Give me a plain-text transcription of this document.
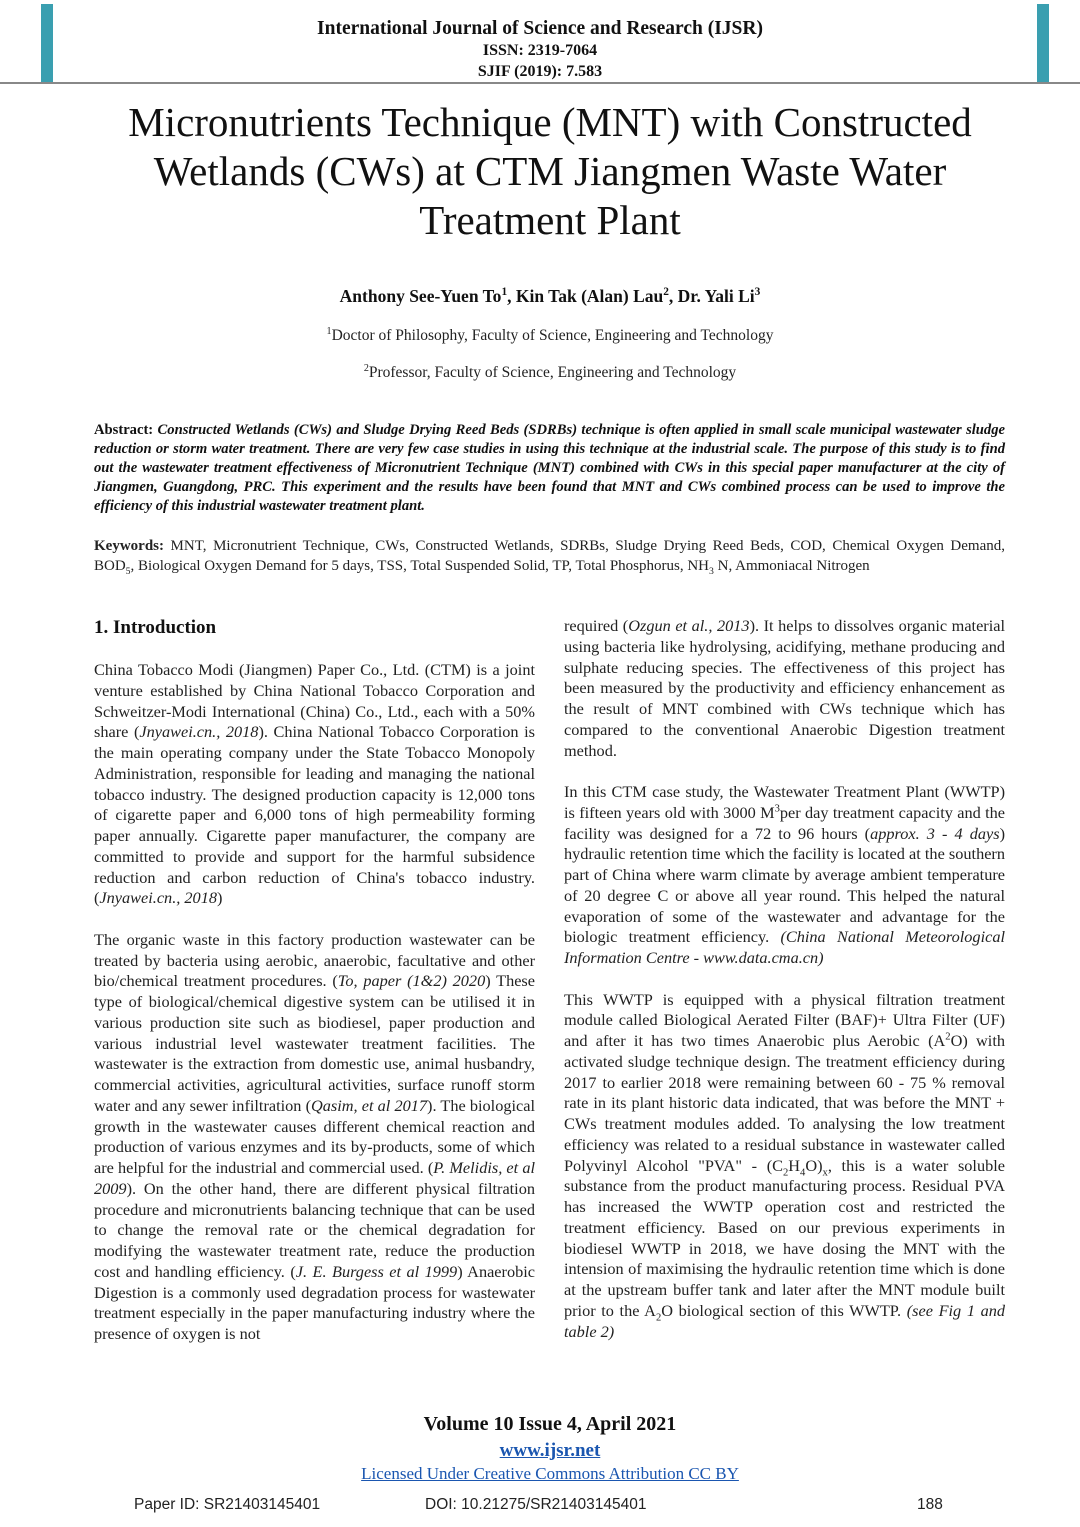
International Journal of Science and Research (IJSR)
ISSN: 2319-7064
SJIF (2019): 7.583
Micronutrients Technique (MNT) with Constructed
Wetlands (CWs) at CTM Jiangmen Waste Water
Treatment Plant
Anthony See-Yuen To$^1$, Kin Tak (Alan) Lau$^2$, Dr. Yali Li$^3$
$^1$Doctor of Philosophy, Faculty of Science, Engineering and Technology
$^2$Professor, Faculty of Science, Engineering and Technology
Abstract: Constructed Wetlands (CWs) and Sludge Drying Reed Beds (SDRBs) technique is often applied in small scale municipal wastewater sludge reduction or storm water treatment. There are very few case studies in using this technique at the industrial scale. The purpose of this study is to find out the wastewater treatment effectiveness of Micronutrient Technique (MNT) combined with CWs in this special paper manufacturer at the city of Jiangmen, Guangdong, PRC. This experiment and the results have been found that MNT and CWs combined process can be used to improve the efficiency of this industrial wastewater treatment plant.
Keywords: MNT, Micronutrient Technique, CWs, Constructed Wetlands, SDRBs, Sludge Drying Reed Beds, COD, Chemical Oxygen Demand, $BOD_5$, Biological Oxygen Demand for 5 days, TSS, Total Suspended Solid, TP, Total Phosphorus, $NH_3$ N, Ammoniacal Nitrogen
1. Introduction

China Tobacco Modi (Jiangmen) Paper Co., Ltd. (CTM) is a joint venture established by China National Tobacco Corporation and Schweitzer-Modi International (China) Co., Ltd., each with a 50% share (Jnyawei.cn., 2018). China National Tobacco Corporation is the main operating company under the State Tobacco Monopoly Administration, responsible for leading and managing the national tobacco industry. The designed production capacity is 12,000 tons of cigarette paper and 6,000 tons of high permeability forming paper annually. Cigarette paper manufacturer, the company are committed to provide and support for the harmful subsidence reduction and carbon reduction of China's tobacco industry. (Jnyawei.cn., 2018)

The organic waste in this factory production wastewater can be treated by bacteria using aerobic, anaerobic, facultative and other bio/chemical treatment procedures. (To, paper (1&2) 2020) These type of biological/chemical digestive system can be utilised it in various production site such as biodiesel, paper production and various industrial level wastewater treatment facilities. The wastewater is the extraction from domestic use, animal husbandry, commercial activities, agricultural activities, surface runoff storm water and any sewer infiltration (Qasim, et al 2017). The biological growth in the wastewater causes different chemical reaction and production of various enzymes and its by-products, some of which are helpful for the industrial and commercial used. (P. Melidis, et al 2009). On the other hand, there are different physical filtration procedure and micronutrients balancing technique that can be used to change the removal rate or the chemical degradation for modifying the wastewater treatment rate, reduce the production cost and handling efficiency. (J. E. Burgess et al 1999) Anaerobic Digestion is a commonly used degradation process for wastewater treatment especially in the paper manufacturing industry where the presence of oxygen is not

required (Ozgun et al., 2013). It helps to dissolves organic material using bacteria like hydrolysing, acidifying, methane producing and sulphate reducing species. The effectiveness of this project has been measured by the productivity and efficiency enhancement as the result of MNT combined with CWs technique which has compared to the conventional Anaerobic Digestion treatment method.

In this CTM case study, the Wastewater Treatment Plant (WWTP) is fifteen years old with 3000 $M^3per$ day treatment capacity and the facility was designed for a 72 to 96 hours (approx. 3 - 4 days) hydraulic retention time which the facility is located at the southern part of China where warm climate by average ambient temperature of 20 degree C or above all year round. This helped the natural evaporation of some of the wastewater and advantage for the biologic treatment efficiency. (China National Meteorological Information Centre - www.data.cma.cn)

This WWTP is equipped with a physical filtration treatment module called Biological Aerated Filter (BAF)+ Ultra Filter (UF) and after it has two times Anaerobic plus Aerobic $(A^2O)$ with activated sludge technique design. The treatment efficiency during 2017 to earlier 2018 were remaining between 60 - 75 % removal rate in its plant historic data indicated, that was before the MNT + CWs treatment modules added. To analysing the low treatment efficiency was related to a residual substance in wastewater called Polyvinyl Alcohol "PVA" - $(C_2H_4O)_x$, this is a water soluble substance from the product manufacturing process. Residual PVA has increased the WWTP operation cost and restricted the treatment efficiency. Based on our previous experiments in biodiesel WWTP in 2018, we have dosing the MNT with the intension of maximising the hydraulic retention time which is done at the upstream buffer tank and later after the MNT module built prior to the $A_2O$ biological section of this WWTP. (see Fig 1 and table 2)

Volume 10 Issue 4, April 2021
www.ijsr.net
Licensed Under Creative Commons Attribution CC BY
Paper ID: SR21403145401	DOI: 10.21275/SR21403145401	188
